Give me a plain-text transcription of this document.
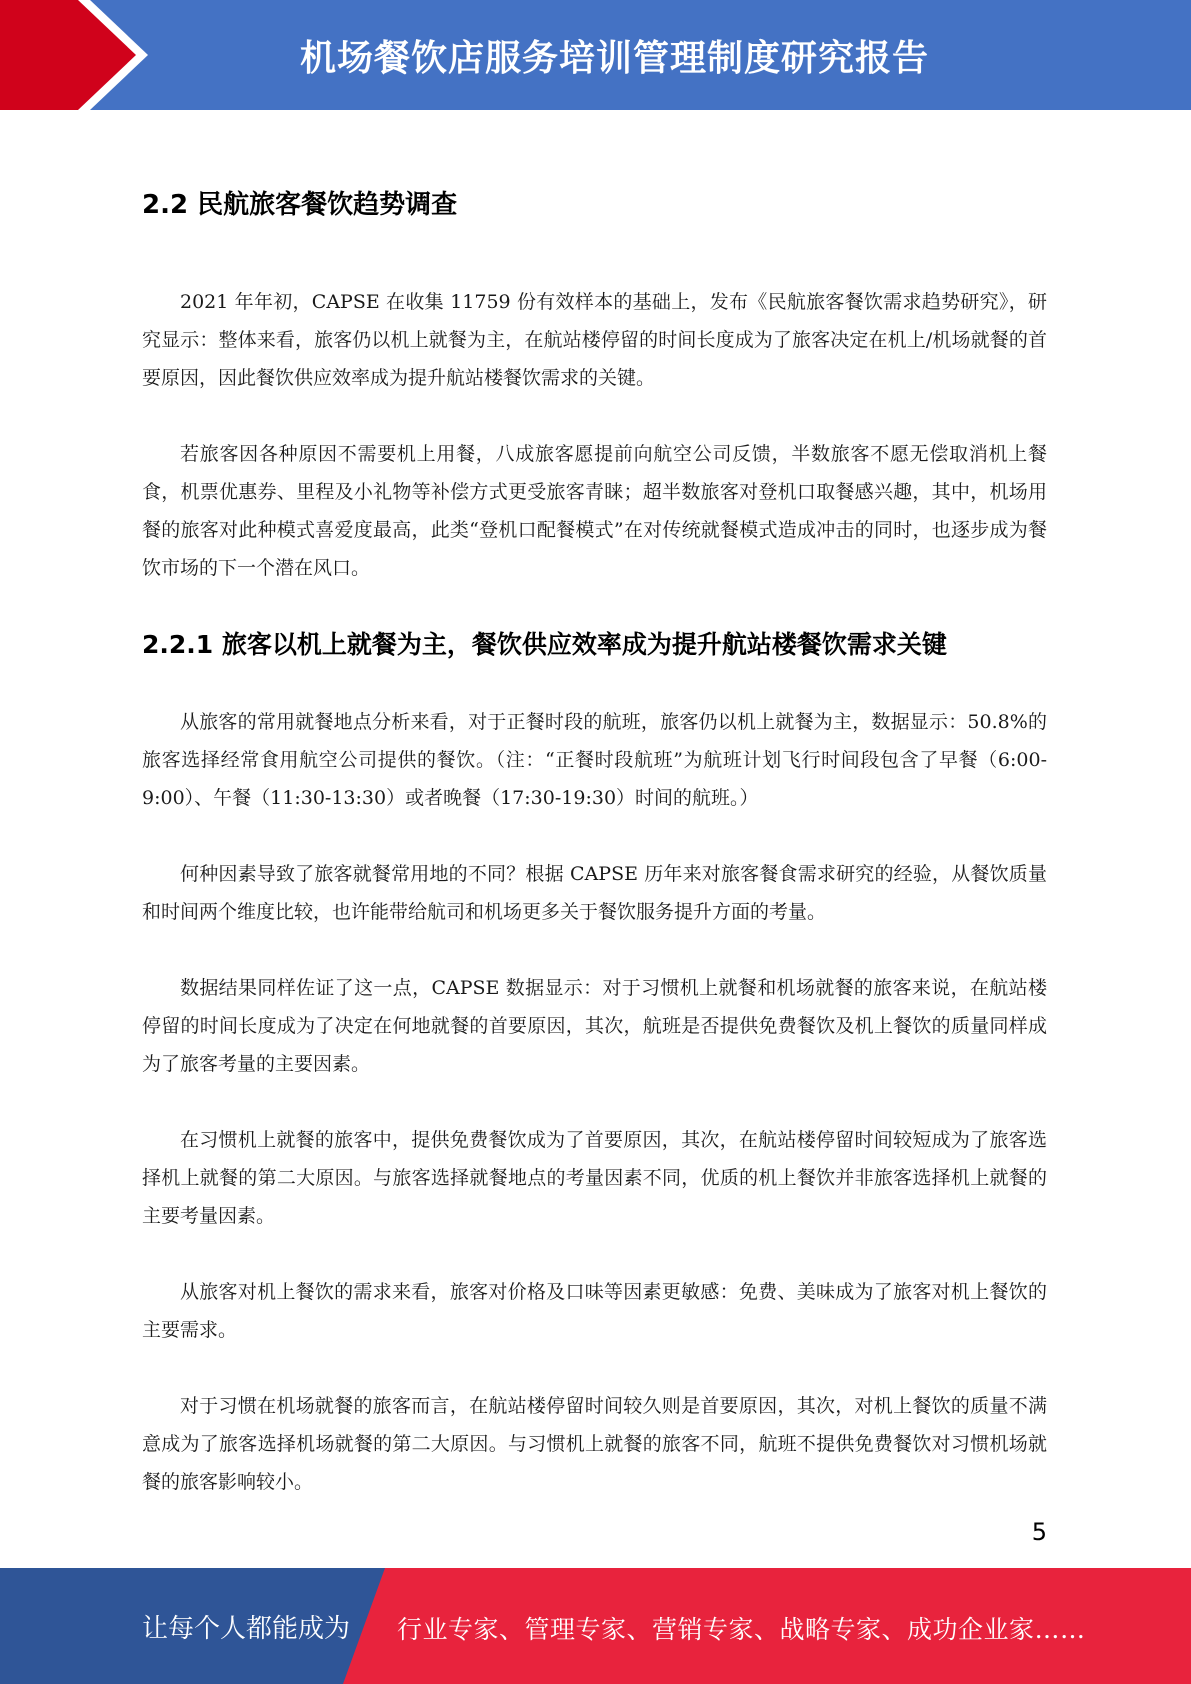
机场餐饮店服务培训管理制度研究报告
2.2 民航旅客餐饮趋势调查

2021 年年初，CAPSE 在收集 11759 份有效样本的基础上，发布《民航旅客餐饮需求趋势研究》，研究显示：整体来看，旅客仍以机上就餐为主，在航站楼停留的时间长度成为了旅客决定在机上/机场就餐的首要原因，因此餐饮供应效率成为提升航站楼餐饮需求的关键。

若旅客因各种原因不需要机上用餐，八成旅客愿提前向航空公司反馈，半数旅客不愿无偿取消机上餐食，机票优惠券、里程及小礼物等补偿方式更受旅客青睐；超半数旅客对登机口取餐感兴趣，其中，机场用餐的旅客对此种模式喜爱度最高，此类“登机口配餐模式”在对传统就餐模式造成冲击的同时，也逐步成为餐饮市场的下一个潜在风口。

2.2.1 旅客以机上就餐为主，餐饮供应效率成为提升航站楼餐饮需求关键

从旅客的常用就餐地点分析来看，对于正餐时段的航班，旅客仍以机上就餐为主，数据显示：50.8%的旅客选择经常食用航空公司提供的餐饮。（注：“正餐时段航班”为航班计划飞行时间段包含了早餐（6:00-9:00）、午餐（11:30-13:30）或者晚餐（17:30-19:30）时间的航班。）

何种因素导致了旅客就餐常用地的不同？根据 CAPSE 历年来对旅客餐食需求研究的经验，从餐饮质量和时间两个维度比较，也许能带给航司和机场更多关于餐饮服务提升方面的考量。

数据结果同样佐证了这一点，CAPSE 数据显示：对于习惯机上就餐和机场就餐的旅客来说，在航站楼停留的时间长度成为了决定在何地就餐的首要原因，其次，航班是否提供免费餐饮及机上餐饮的质量同样成为了旅客考量的主要因素。

在习惯机上就餐的旅客中，提供免费餐饮成为了首要原因，其次，在航站楼停留时间较短成为了旅客选择机上就餐的第二大原因。与旅客选择就餐地点的考量因素不同，优质的机上餐饮并非旅客选择机上就餐的主要考量因素。

从旅客对机上餐饮的需求来看，旅客对价格及口味等因素更敏感：免费、美味成为了旅客对机上餐饮的主要需求。

对于习惯在机场就餐的旅客而言，在航站楼停留时间较久则是首要原因，其次，对机上餐饮的质量不满意成为了旅客选择机场就餐的第二大原因。与习惯机上就餐的旅客不同，航班不提供免费餐饮对习惯机场就餐的旅客影响较小。

5
让每个人都能成为 行业专家、管理专家、营销专家、战略专家、成功企业家……
